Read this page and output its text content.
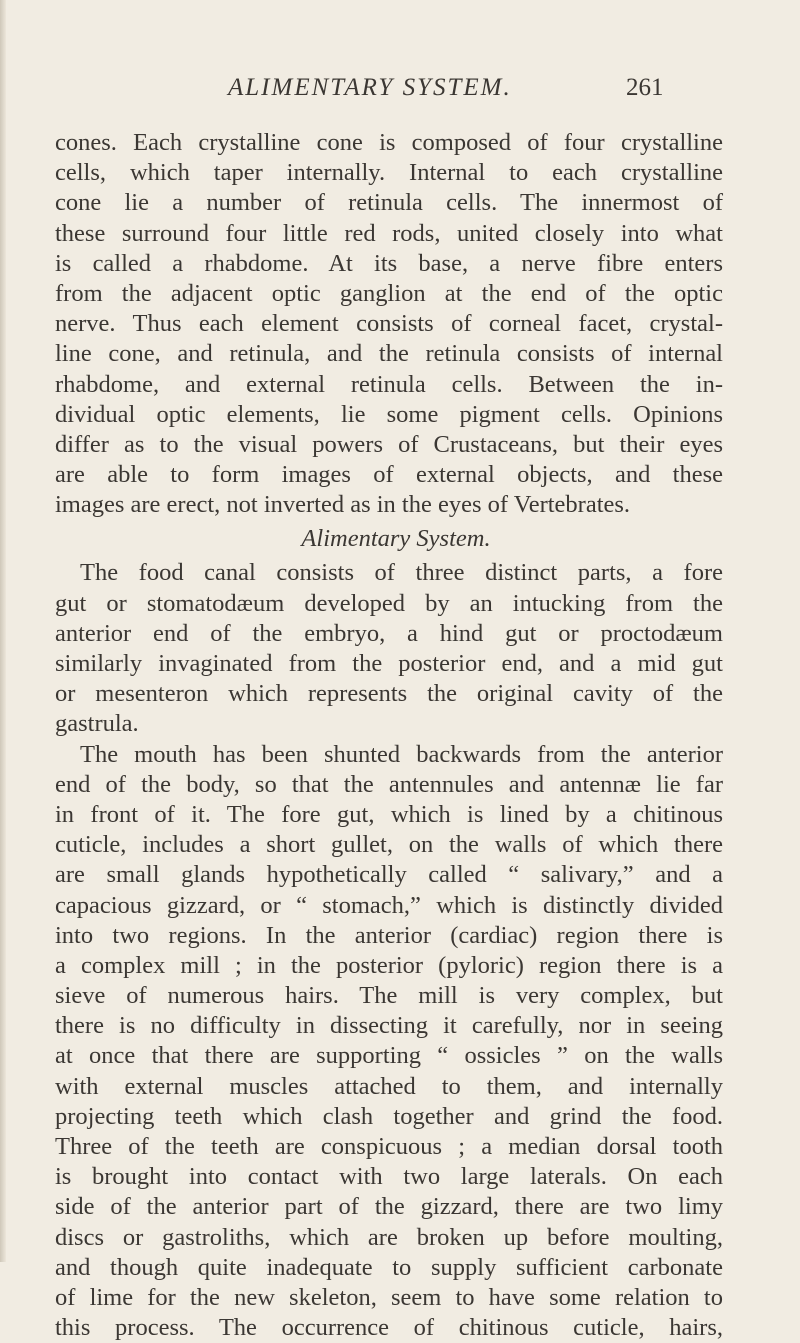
ALIMENTARY SYSTEM.	261
cones. Each crystalline cone is composed of four crystalline
cells, which taper internally. Internal to each crystalline
cone lie a number of retinula cells. The innermost of
these surround four little red rods, united closely into what
is called a rhabdome. At its base, a nerve fibre enters
from the adjacent optic ganglion at the end of the optic
nerve. Thus each element consists of corneal facet, crystal-
line cone, and retinula, and the retinula consists of internal
rhabdome, and external retinula cells. Between the in-
dividual optic elements, lie some pigment cells. Opinions
differ as to the visual powers of Crustaceans, but their eyes
are able to form images of external objects, and these
images are erect, not inverted as in the eyes of Vertebrates.
Alimentary System.
The food canal consists of three distinct parts, a fore
gut or stomatodæum developed by an intucking from the
anterior end of the embryo, a hind gut or proctodæum
similarly invaginated from the posterior end, and a mid gut
or mesenteron which represents the original cavity of the
gastrula.
The mouth has been shunted backwards from the anterior
end of the body, so that the antennules and antennæ lie far
in front of it. The fore gut, which is lined by a chitinous
cuticle, includes a short gullet, on the walls of which there
are small glands hypothetically called “ salivary,” and a
capacious gizzard, or “ stomach,” which is distinctly divided
into two regions. In the anterior (cardiac) region there is
a complex mill ; in the posterior (pyloric) region there is a
sieve of numerous hairs. The mill is very complex, but
there is no difficulty in dissecting it carefully, nor in seeing
at once that there are supporting “ ossicles ” on the walls
with external muscles attached to them, and internally
projecting teeth which clash together and grind the food.
Three of the teeth are conspicuous ; a median dorsal tooth
is brought into contact with two large laterals. On each
side of the anterior part of the gizzard, there are two limy
discs or gastroliths, which are broken up before moulting,
and though quite inadequate to supply sufficient carbonate
of lime for the new skeleton, seem to have some relation to
this process. The occurrence of chitinous cuticle, hairs,
